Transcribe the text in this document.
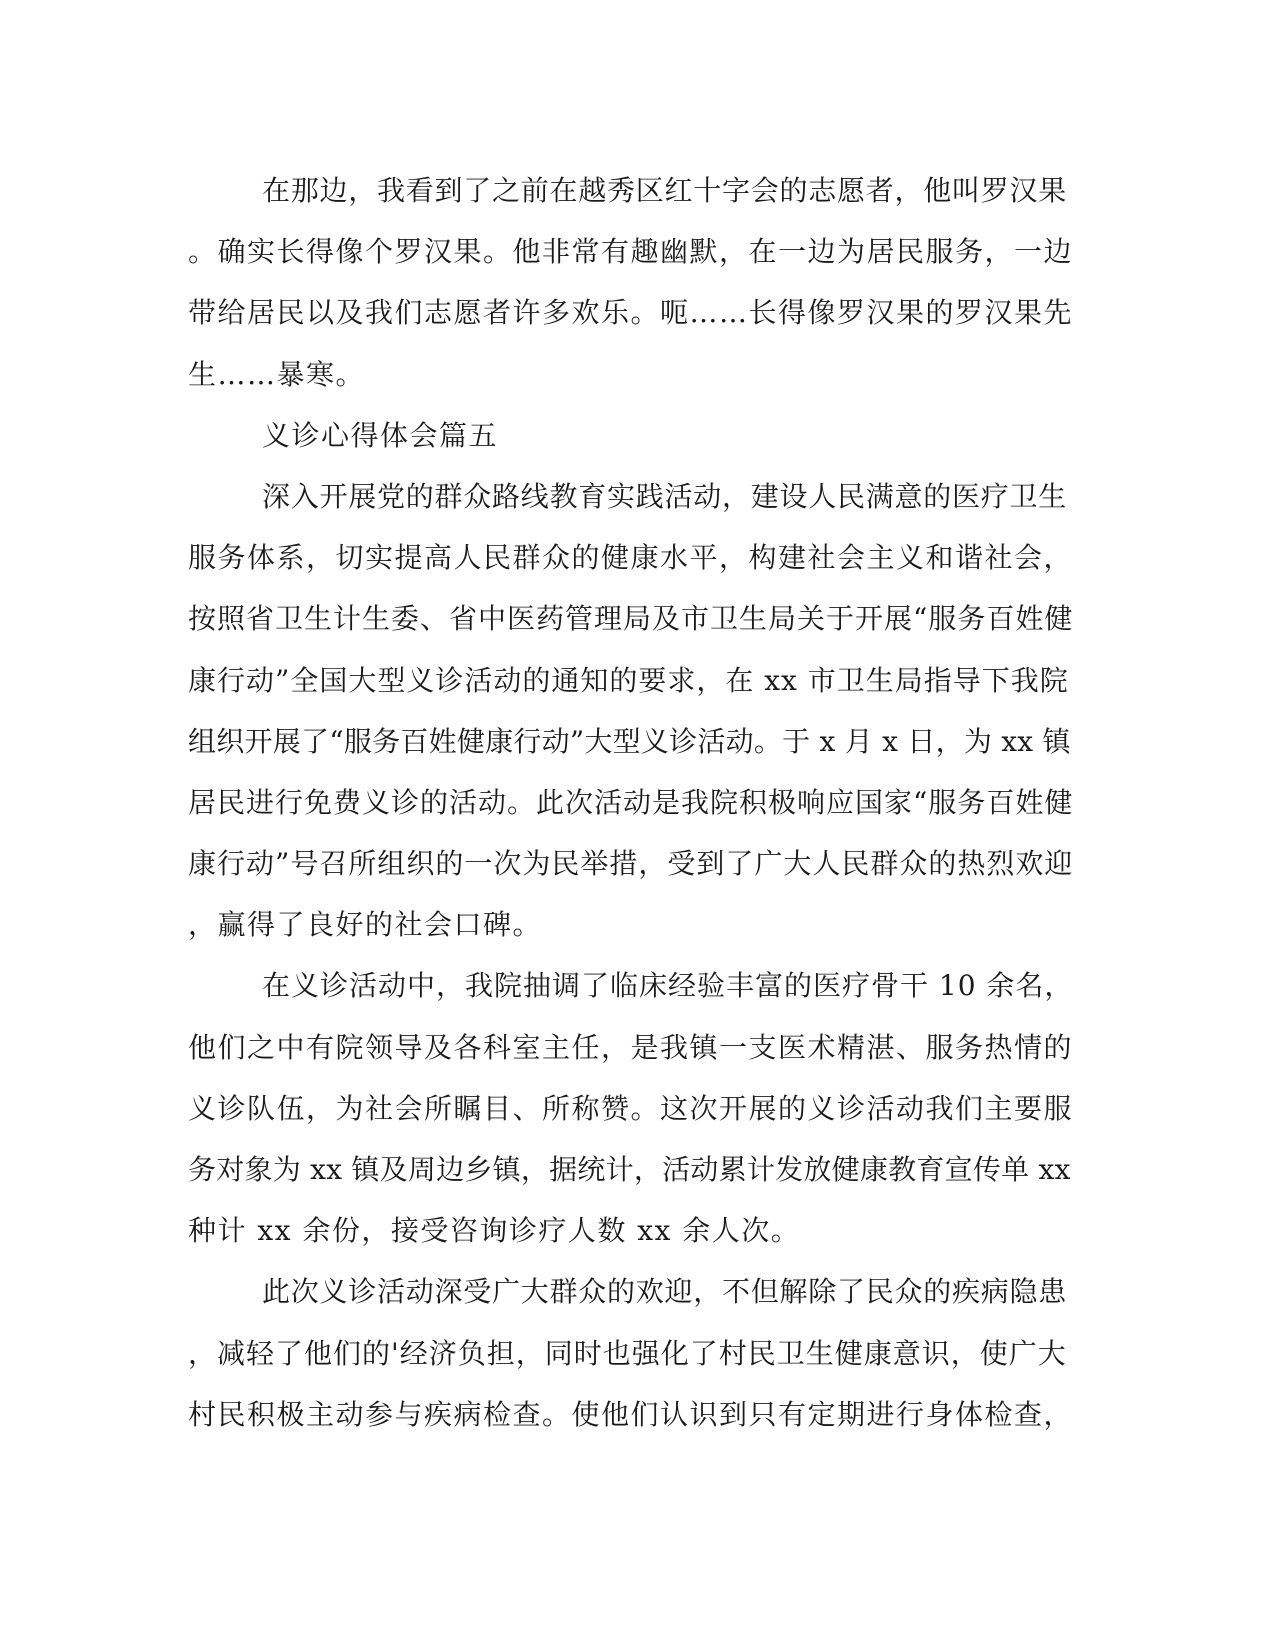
在那边，我看到了之前在越秀区红十字会的志愿者，他叫罗汉果
。确实长得像个罗汉果。他非常有趣幽默，在一边为居民服务，一边
带给居民以及我们志愿者许多欢乐。呃……长得像罗汉果的罗汉果先
生……暴寒。
义诊心得体会篇五
深入开展党的群众路线教育实践活动，建设人民满意的医疗卫生
服务体系，切实提高人民群众的健康水平，构建社会主义和谐社会，
按照省卫生计生委、省中医药管理局及市卫生局关于开展“服务百姓健
康行动”全国大型义诊活动的通知的要求，在 xx 市卫生局指导下我院
组织开展了“服务百姓健康行动”大型义诊活动。于 x 月 x 日，为 xx 镇
居民进行免费义诊的活动。此次活动是我院积极响应国家“服务百姓健
康行动”号召所组织的一次为民举措，受到了广大人民群众的热烈欢迎
，赢得了良好的社会口碑。
在义诊活动中，我院抽调了临床经验丰富的医疗骨干 10 余名，
他们之中有院领导及各科室主任，是我镇一支医术精湛、服务热情的
义诊队伍，为社会所瞩目、所称赞。这次开展的义诊活动我们主要服
务对象为 xx 镇及周边乡镇，据统计，活动累计发放健康教育宣传单 xx
种计 xx 余份，接受咨询诊疗人数 xx 余人次。
此次义诊活动深受广大群众的欢迎，不但解除了民众的疾病隐患
，减轻了他们的'经济负担，同时也强化了村民卫生健康意识，使广大
村民积极主动参与疾病检查。使他们认识到只有定期进行身体检查，
